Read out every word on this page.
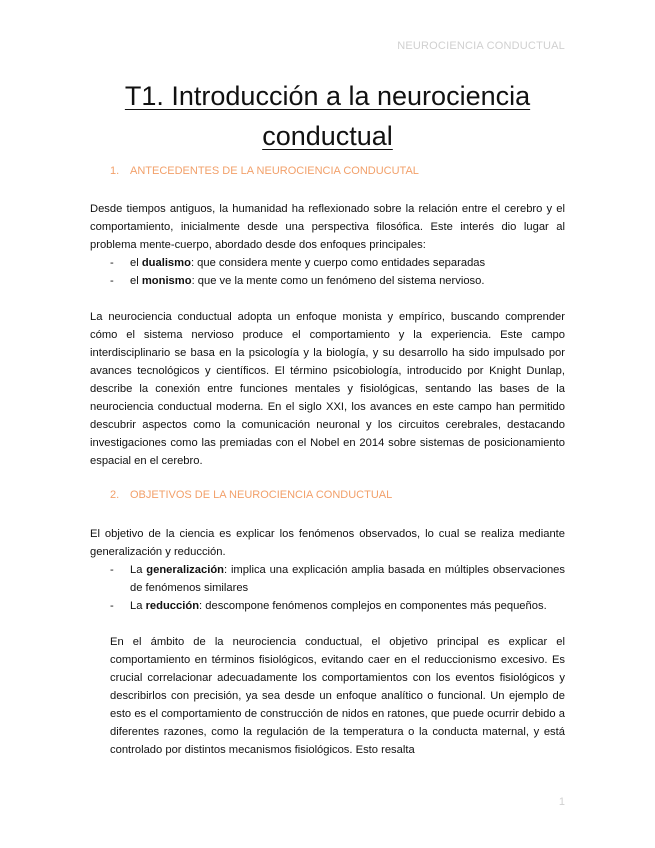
NEUROCIENCIA CONDUCTUAL
T1. Introducción a la neurociencia
conductual
1. ANTECEDENTES DE LA NEUROCIENCIA CONDUCUTAL

Desde tiempos antiguos, la humanidad ha reflexionado sobre la relación entre el cerebro y el comportamiento, inicialmente desde una perspectiva filosófica. Este interés dio lugar al problema mente-cuerpo, abordado desde dos enfoques principales:

- el dualismo: que considera mente y cuerpo como entidades separadas
- el monismo: que ve la mente como un fenómeno del sistema nervioso.

La neurociencia conductual adopta un enfoque monista y empírico, buscando comprender cómo el sistema nervioso produce el comportamiento y la experiencia. Este campo interdisciplinario se basa en la psicología y la biología, y su desarrollo ha sido impulsado por avances tecnológicos y científicos. El término psicobiología, introducido por Knight Dunlap, describe la conexión entre funciones mentales y fisiológicas, sentando las bases de la neurociencia conductual moderna. En el siglo XXI, los avances en este campo han permitido descubrir aspectos como la comunicación neuronal y los circuitos cerebrales, destacando investigaciones como las premiadas con el Nobel en 2014 sobre sistemas de posicionamiento espacial en el cerebro.

2. OBJETIVOS DE LA NEUROCIENCIA CONDUCTUAL

El objetivo de la ciencia es explicar los fenómenos observados, lo cual se realiza mediante generalización y reducción.

- La generalización: implica una explicación amplia basada en múltiples observaciones de fenómenos similares
- La reducción: descompone fenómenos complejos en componentes más pequeños.

En el ámbito de la neurociencia conductual, el objetivo principal es explicar el comportamiento en términos fisiológicos, evitando caer en el reduccionismo excesivo. Es crucial correlacionar adecuadamente los comportamientos con los eventos fisiológicos y describirlos con precisión, ya sea desde un enfoque analítico o funcional. Un ejemplo de esto es el comportamiento de construcción de nidos en ratones, que puede ocurrir debido a diferentes razones, como la regulación de la temperatura o la conducta maternal, y está controlado por distintos mecanismos fisiológicos. Esto resalta

1
